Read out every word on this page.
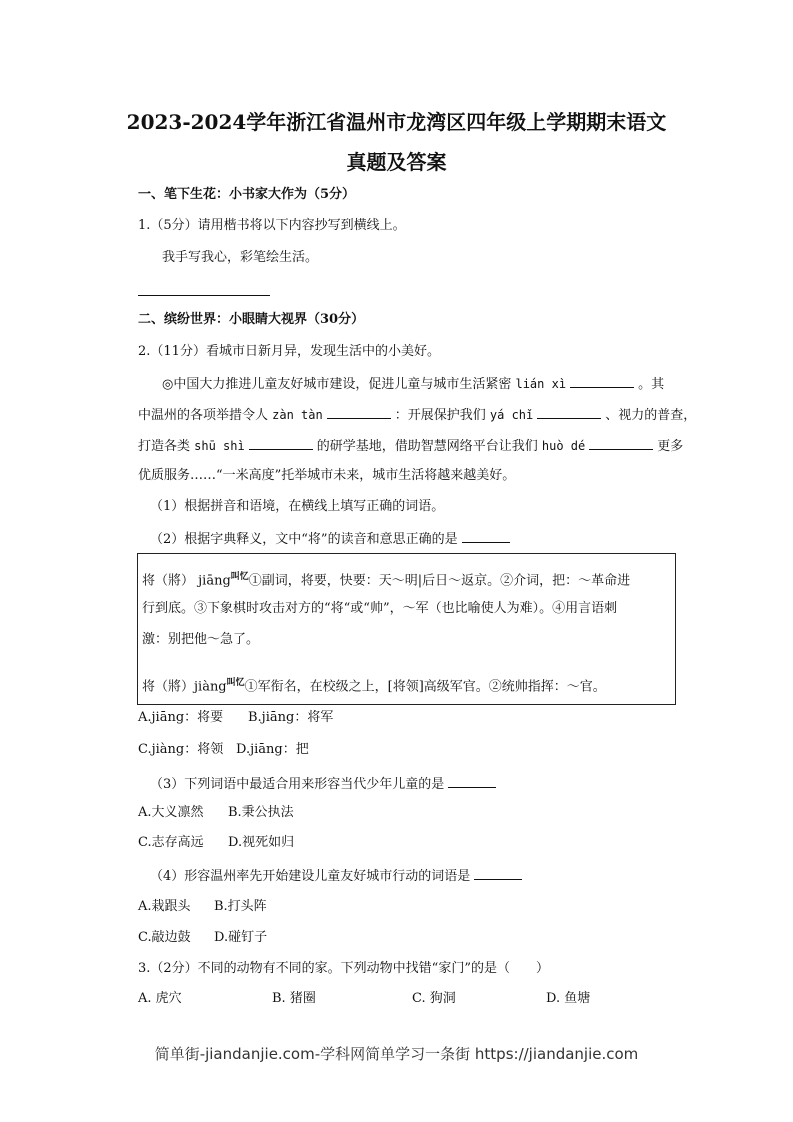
2023-2024学年浙江省温州市龙湾区四年级上学期期末语文
真题及答案
一、笔下生花：小书家大作为（5分）
1.（5分）请用楷书将以下内容抄写到横线上。
我手写我心，彩笔绘生活。
二、缤纷世界：小眼睛大视界（30分）
2.（11分）看城市日新月异，发现生活中的小美好。
◎中国大力推进儿童友好城市建设，促进儿童与城市生活紧密 lián xì	。其
中温州的各项举措令人 zàn tàn	：开展保护我们 yá chǐ	、视力的普查，
打造各类 shū shì	的研学基地，借助智慧网络平台让我们 huò dé	更多
优质服务……“一米高度”托举城市未来，城市生活将越来越美好。
（1）根据拼音和语境，在横线上填写正确的词语。
（2）根据字典释义，文中“将”的读音和意思正确的是
将（將） jiāng$^{叫忆}$①副词，将要，快要：天～明|后日～返京。②介词，把：～革命进
行到底。③下象棋时攻击对方的“将“或“帅”，～军（也比喻使人为难）。④用言语刺
激：别把他～急了。
将（將）jiàng$^{叫忆}$①军衔名，在校级之上，[将领]高级军官。②统帅指挥：～官。
A.jiāng：将要 B.jiāng：将军
C.jiàng：将领 D.jiāng：把
（3）下列词语中最适合用来形容当代少年儿童的是
A.大义凛然 B.秉公执法
C.志存高远 D.视死如归
（4）形容温州率先开始建设儿童友好城市行动的词语是
A.栽跟头 B.打头阵
C.敲边鼓 D.碰钉子
3.（2分）不同的动物有不同的家。下列动物中找错“家门”的是（　　）
A. 虎穴	B. 猪圈	C. 狗洞	D. 鱼塘
简单街-jiandanjie.com-学科网简单学习一条街 https://jiandanjie.com
